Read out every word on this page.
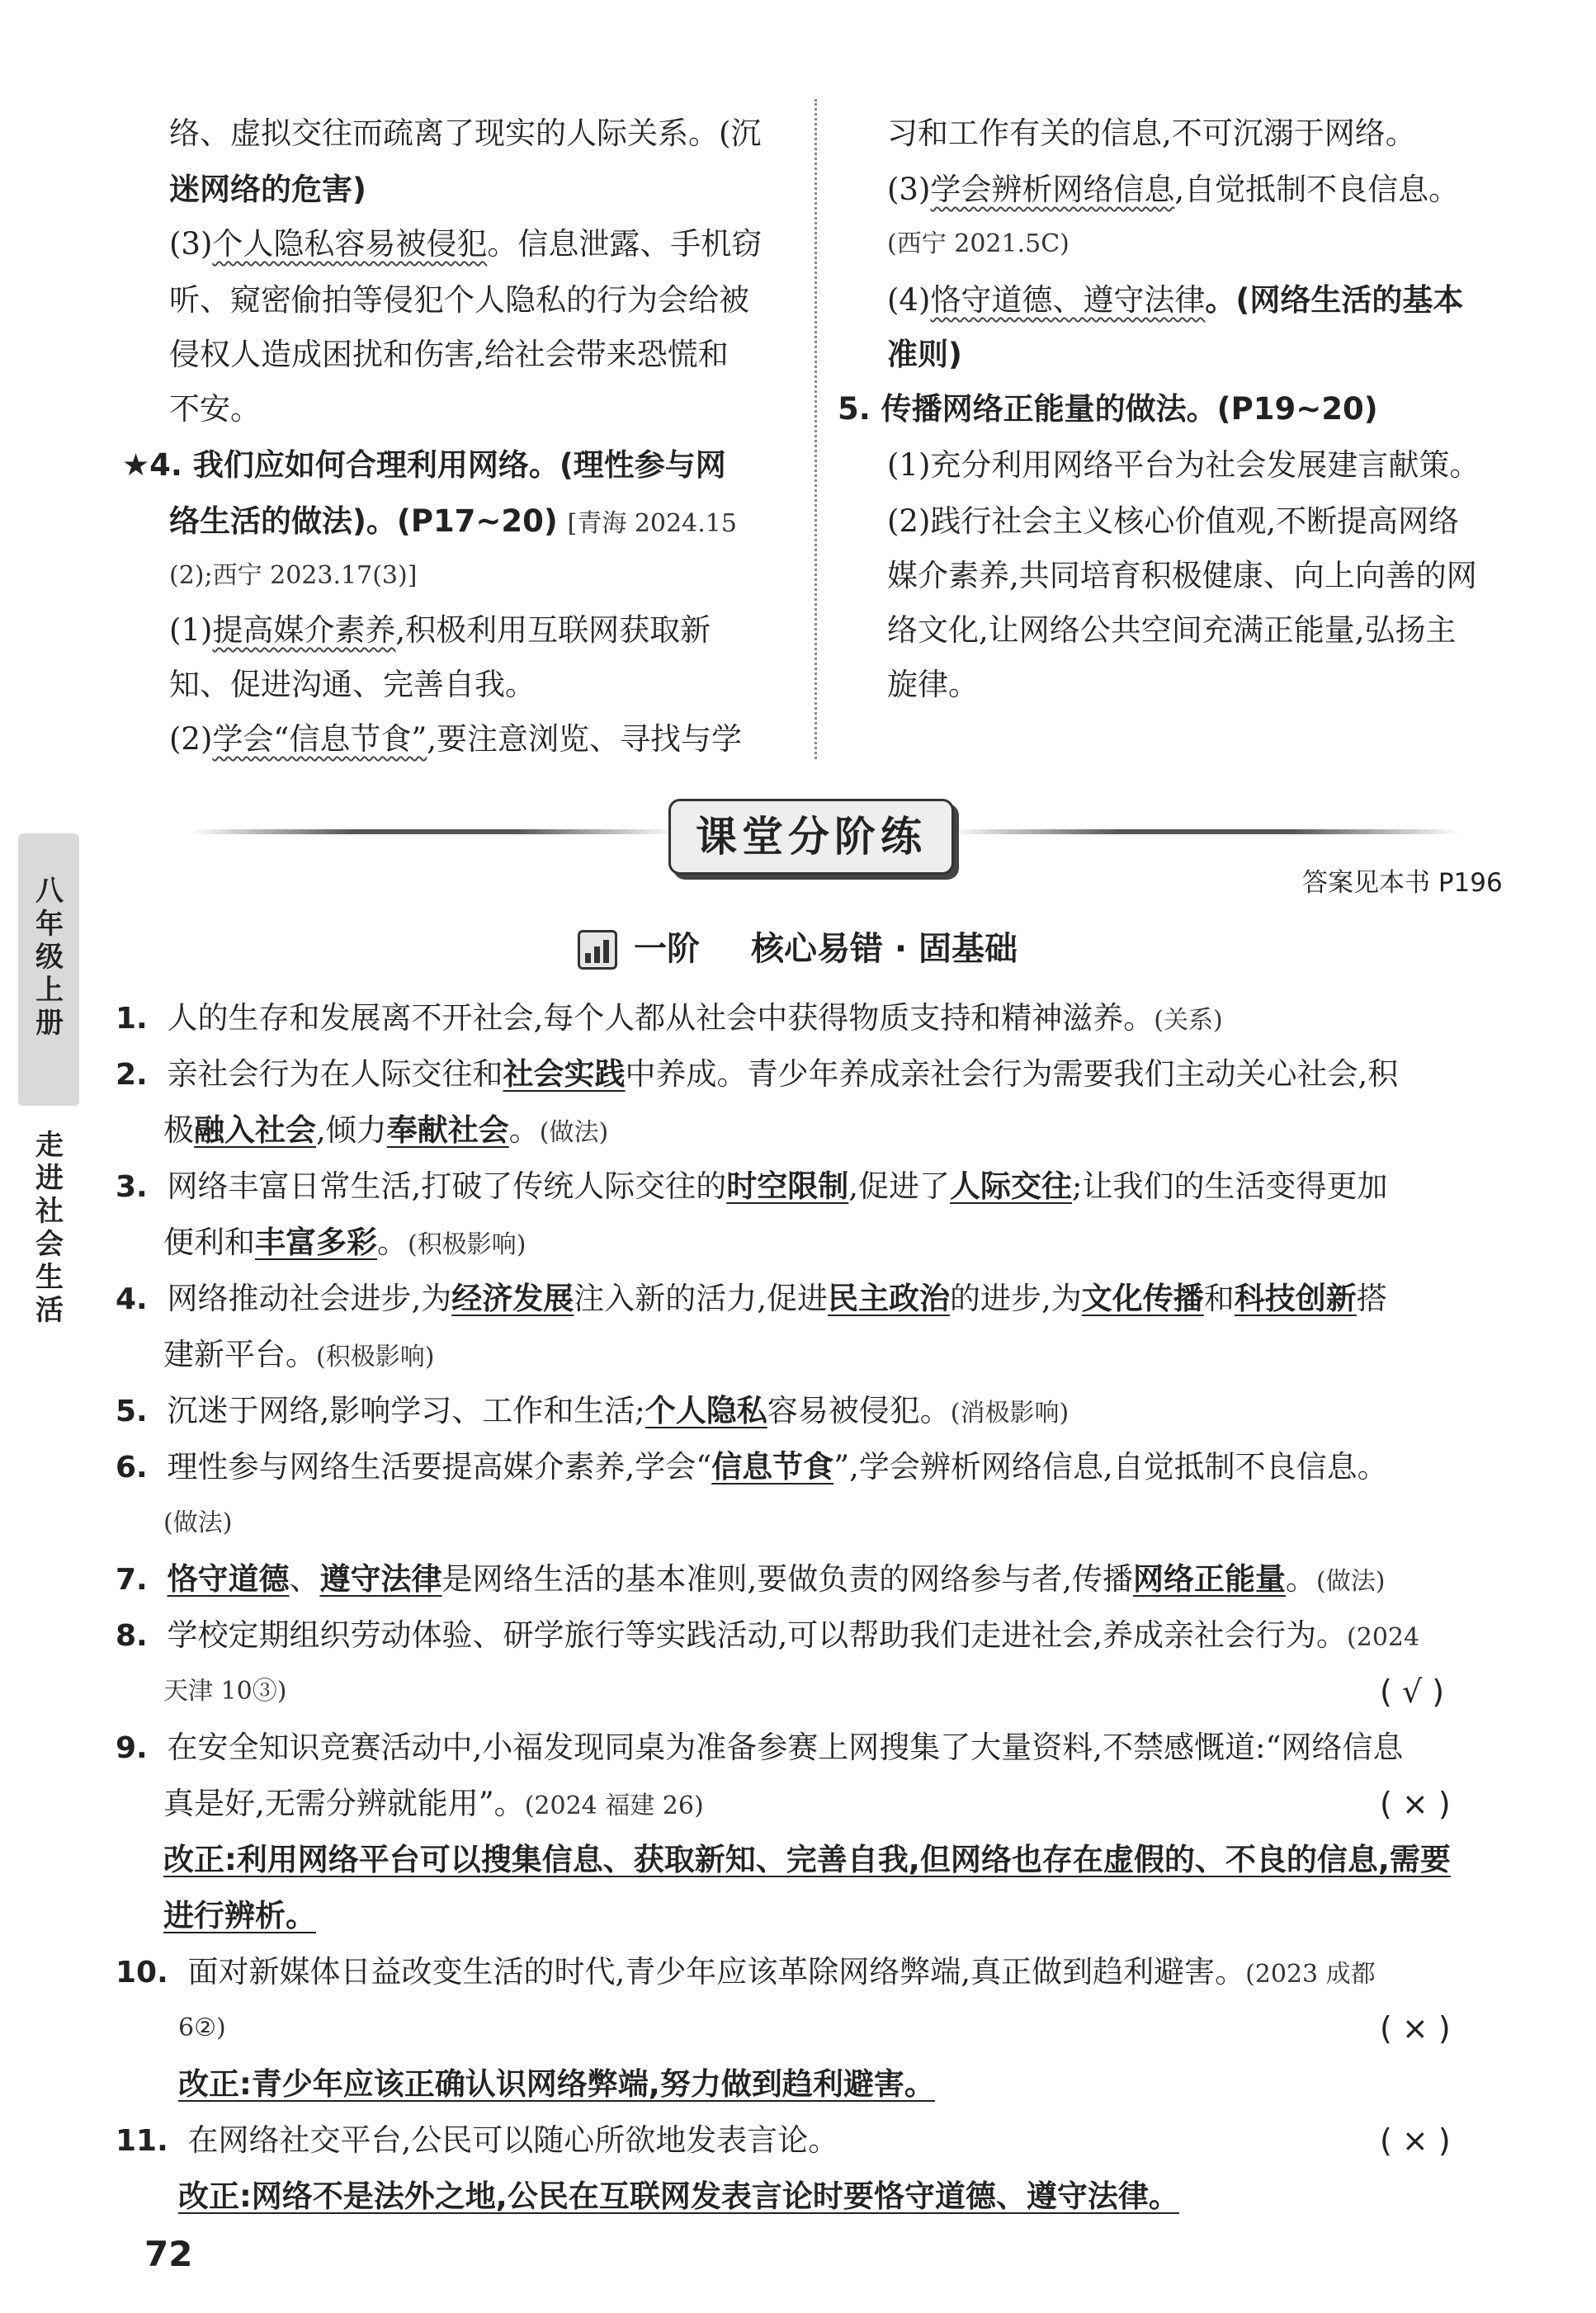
络、虚拟交往而疏离了现实的人际关系。(沉
迷网络的危害)
(3)个人隐私容易被侵犯。信息泄露、手机窃
听、窥密偷拍等侵犯个人隐私的行为会给被
侵权人造成困扰和伤害,给社会带来恐慌和
不安。
★4. 我们应如何合理利用网络。(理性参与网
络生活的做法)。(P17~20) [青海 2024.15
(2);西宁 2023.17(3)]
(1)提高媒介素养,积极利用互联网获取新
知、促进沟通、完善自我。
(2)学会“信息节食”,要注意浏览、寻找与学
习和工作有关的信息,不可沉溺于网络。
(3)学会辨析网络信息,自觉抵制不良信息。
(西宁 2021.5C)
(4)恪守道德、遵守法律。(网络生活的基本
准则)
5. 传播网络正能量的做法。(P19~20)
(1)充分利用网络平台为社会发展建言献策。
(2)践行社会主义核心价值观,不断提高网络
媒介素养,共同培育积极健康、向上向善的网
络文化,让网络公共空间充满正能量,弘扬主
旋律。
八
年
级
上
册
走
进
社
会
生
活
课堂分阶练
答案见本书 P196
一阶 核心易错 · 固基础
1. 人的生存和发展离不开社会,每个人都从社会中获得物质支持和精神滋养。(关系)
2. 亲社会行为在人际交往和社会实践中养成。青少年养成亲社会行为需要我们主动关心社会,积
极融入社会,倾力奉献社会。(做法)
3. 网络丰富日常生活,打破了传统人际交往的时空限制,促进了人际交往;让我们的生活变得更加
便利和丰富多彩。(积极影响)
4. 网络推动社会进步,为经济发展注入新的活力,促进民主政治的进步,为文化传播和科技创新搭
建新平台。(积极影响)
5. 沉迷于网络,影响学习、工作和生活;个人隐私容易被侵犯。(消极影响)
6. 理性参与网络生活要提高媒介素养,学会“信息节食”,学会辨析网络信息,自觉抵制不良信息。
(做法)
7. 恪守道德、遵守法律是网络生活的基本准则,要做负责的网络参与者,传播网络正能量。(做法)
8. 学校定期组织劳动体验、研学旅行等实践活动,可以帮助我们走进社会,养成亲社会行为。(2024
天津 10③)	( √ )
9. 在安全知识竞赛活动中,小福发现同桌为准备参赛上网搜集了大量资料,不禁感慨道:“网络信息
真是好,无需分辨就能用”。(2024 福建 26)	( × )
改正:利用网络平台可以搜集信息、获取新知、完善自我,但网络也存在虚假的、不良的信息,需要
进行辨析。
10. 面对新媒体日益改变生活的时代,青少年应该革除网络弊端,真正做到趋利避害。(2023 成都
6②)	( × )
改正:青少年应该正确认识网络弊端,努力做到趋利避害。
11. 在网络社交平台,公民可以随心所欲地发表言论。	( × )
改正:网络不是法外之地,公民在互联网发表言论时要恪守道德、遵守法律。
72
